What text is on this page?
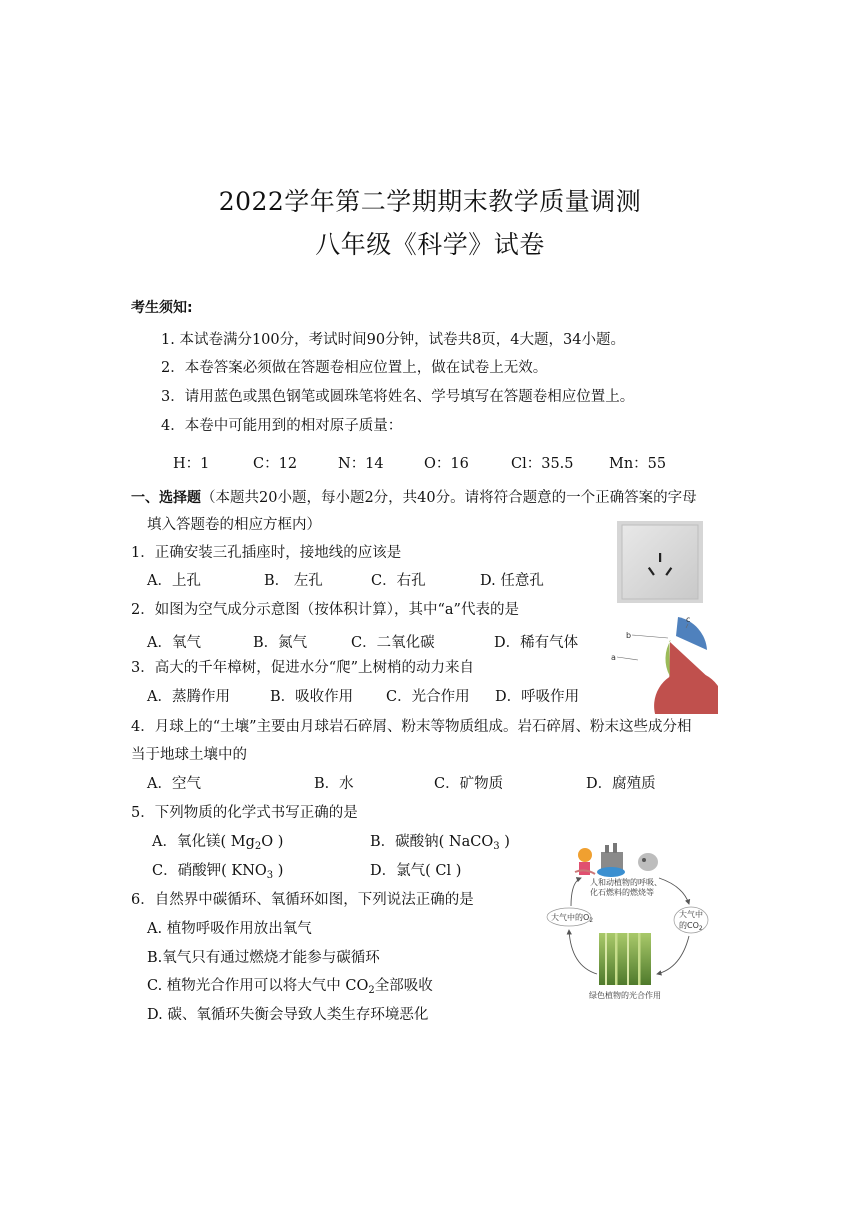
2022学年第二学期期末教学质量调测
八年级《科学》试卷
考生须知:
1. 本试卷满分100分，考试时间90分钟，试卷共8页，4大题，34小题。
2．本卷答案必须做在答题卷相应位置上，做在试卷上无效。
3．请用蓝色或黑色钢笔或圆珠笔将姓名、学号填写在答题卷相应位置上。
4．本卷中可能用到的相对原子质量：
H：1	C：12	N：14	O：16	Cl：35.5 Mn：55
一、选择题（本题共20小题，每小题2分，共40分。请将符合题意的一个正确答案的字母
填入答题卷的相应方框内）
1．正确安装三孔插座时，接地线的应该是
A．上孔	B． 左孔	C．右孔	D. 任意孔
2．如图为空气成分示意图（按体积计算），其中“a”代表的是
A．氧气	B．氮气	C．二氧化碳	D．稀有气体
a
b
c
3．高大的千年樟树，促进水分“爬”上树梢的动力来自
A．蒸腾作用	B．吸收作用 C．光合作用 D．呼吸作用
4．月球上的“土壤”主要由月球岩石碎屑、粉末等物质组成。岩石碎屑、粉末这些成分相
当于地球土壤中的
A．空气	B．水	C．矿物质	D．腐殖质
5．下列物质的化学式书写正确的是
A．氧化镁( $Mg_2O$ )	B．碳酸钠( NaCO$_3$ )
C．硝酸钾( $KNO_3$ )	D．氯气( Cl )
6．自然界中碳循环、氧循环如图，下列说法正确的是
A. 植物呼吸作用放出氧气
B.氧气只有通过燃烧才能参与碳循环
C. 植物光合作用可以将大气中 $CO_2$全部吸收
D. 碳、氧循环失衡会导致人类生存环境恶化
人和动植物的呼吸、
化石燃料的燃烧等
大气中的$O_2$
大气中
的$CO_2$
绿色植物的光合作用
